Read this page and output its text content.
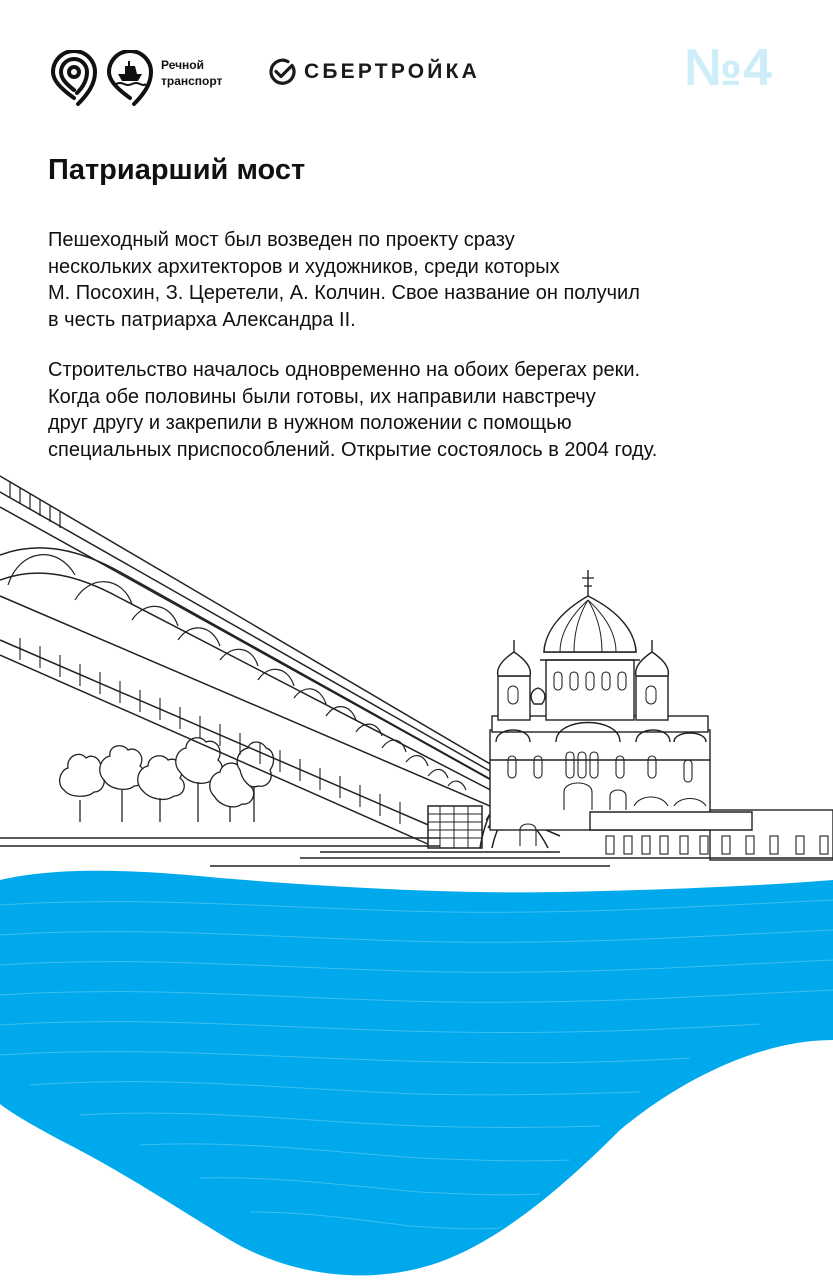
Речной
транспорт	СБЕРТРОЙКА	№4
Патриарший мост

Пешеходный мост был возведен по проекту сразу
нескольких архитекторов и художников, среди которых
М. Посохин, З. Церетели, А. Колчин. Свое название он получил
в честь патриарха Александра II.

Строительство началось одновременно на обоих берегах реки.
Когда обе половины были готовы, их направили навстречу
друг другу и закрепили в нужном положении с помощью
специальных приспособлений. Открытие состоялось в 2004 году.
